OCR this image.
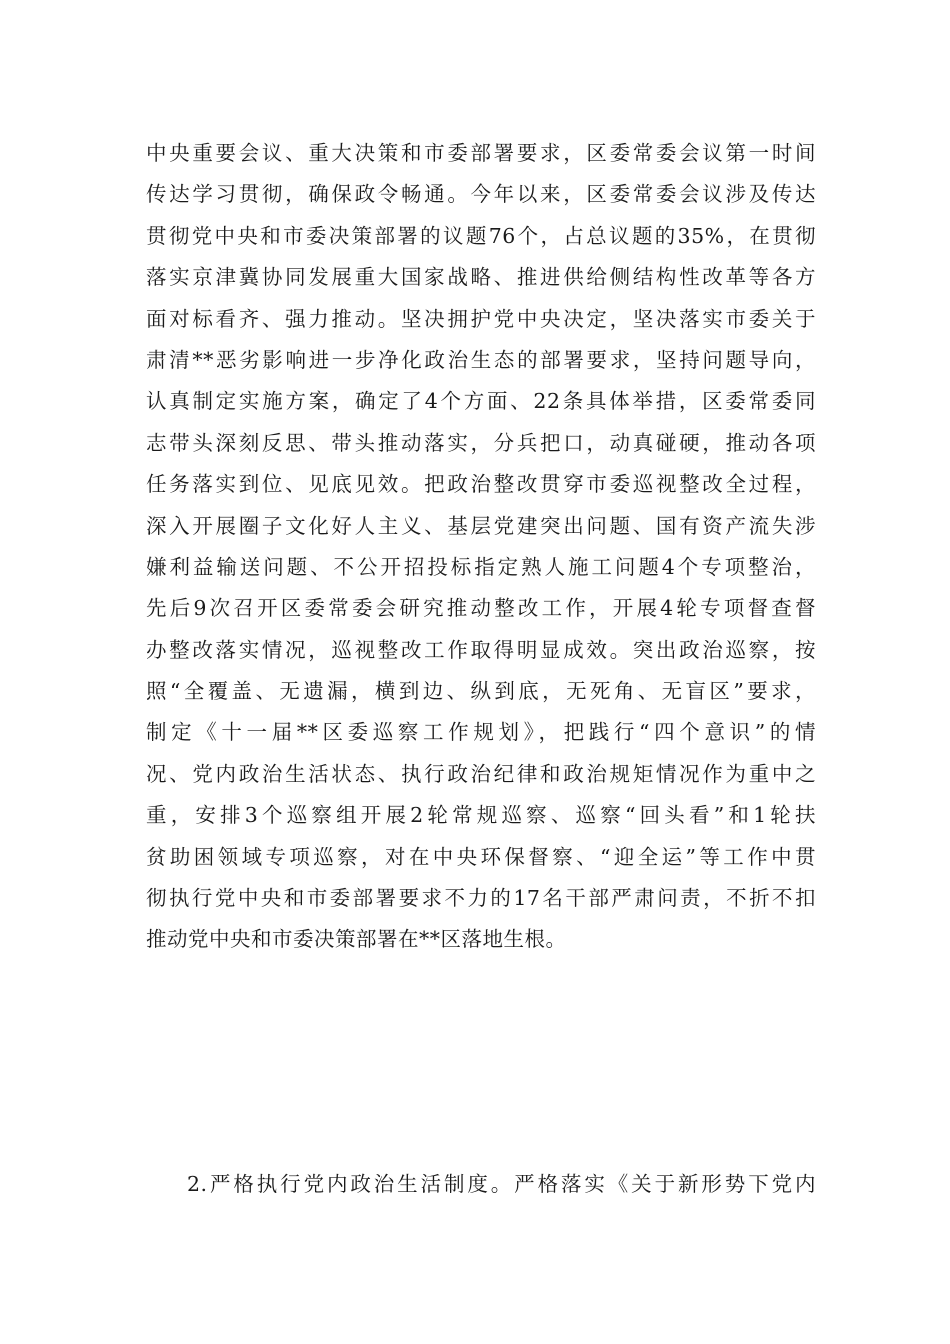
中央重要会议、重大决策和市委部署要求，区委常委会议第一时间
传达学习贯彻，确保政令畅通。今年以来，区委常委会议涉及传达
贯彻党中央和市委决策部署的议题76个，占总议题的35%，在贯彻
落实京津冀协同发展重大国家战略、推进供给侧结构性改革等各方
面对标看齐、强力推动。坚决拥护党中央决定，坚决落实市委关于
肃清**恶劣影响进一步净化政治生态的部署要求，坚持问题导向，
认真制定实施方案，确定了4个方面、22条具体举措，区委常委同
志带头深刻反思、带头推动落实，分兵把口，动真碰硬，推动各项
任务落实到位、见底见效。把政治整改贯穿市委巡视整改全过程，
深入开展圈子文化好人主义、基层党建突出问题、国有资产流失涉
嫌利益输送问题、不公开招投标指定熟人施工问题4个专项整治，
先后9次召开区委常委会研究推动整改工作，开展4轮专项督查督
办整改落实情况，巡视整改工作取得明显成效。突出政治巡察，按
照“全覆盖、无遗漏，横到边、纵到底，无死角、无盲区”要求，
制定《十一届**区委巡察工作规划》，把践行“四个意识”的情
况、党内政治生活状态、执行政治纪律和政治规矩情况作为重中之
重，安排3个巡察组开展2轮常规巡察、巡察“回头看”和1轮扶
贫助困领域专项巡察，对在中央环保督察、“迎全运”等工作中贯
彻执行党中央和市委部署要求不力的17名干部严肃问责，不折不扣
推动党中央和市委决策部署在**区落地生根。
2.严格执行党内政治生活制度。严格落实《关于新形势下党内
